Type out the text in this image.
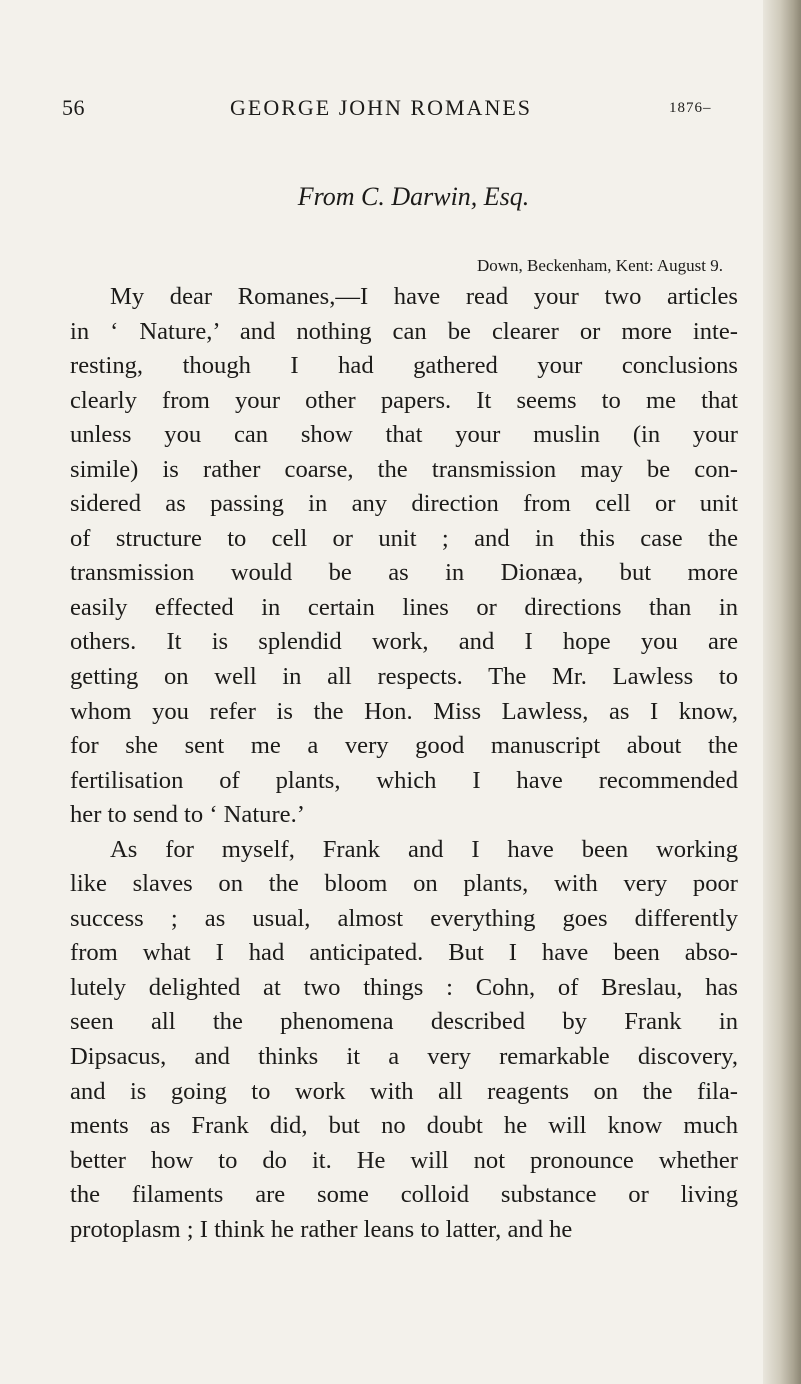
56	GEORGE JOHN ROMANES	1876–
From C. Darwin, Esq.
Down, Beckenham, Kent: August 9.

My dear Romanes,—I have read your two articles
in ‘ Nature,’ and nothing can be clearer or more inte-
resting, though I had gathered your conclusions
clearly from your other papers. It seems to me that
unless you can show that your muslin (in your
simile) is rather coarse, the transmission may be con-
sidered as passing in any direction from cell or unit
of structure to cell or unit ; and in this case the
transmission would be as in Dionæa, but more
easily effected in certain lines or directions than in
others. It is splendid work, and I hope you are
getting on well in all respects. The Mr. Lawless to
whom you refer is the Hon. Miss Lawless, as I know,
for she sent me a very good manuscript about the
fertilisation of plants, which I have recommended
her to send to ‘ Nature.’

As for myself, Frank and I have been working
like slaves on the bloom on plants, with very poor
success ; as usual, almost everything goes differently
from what I had anticipated. But I have been abso-
lutely delighted at two things : Cohn, of Breslau, has
seen all the phenomena described by Frank in
Dipsacus, and thinks it a very remarkable discovery,
and is going to work with all reagents on the fila-
ments as Frank did, but no doubt he will know much
better how to do it. He will not pronounce whether
the filaments are some colloid substance or living
protoplasm ; I think he rather leans to latter, and he
